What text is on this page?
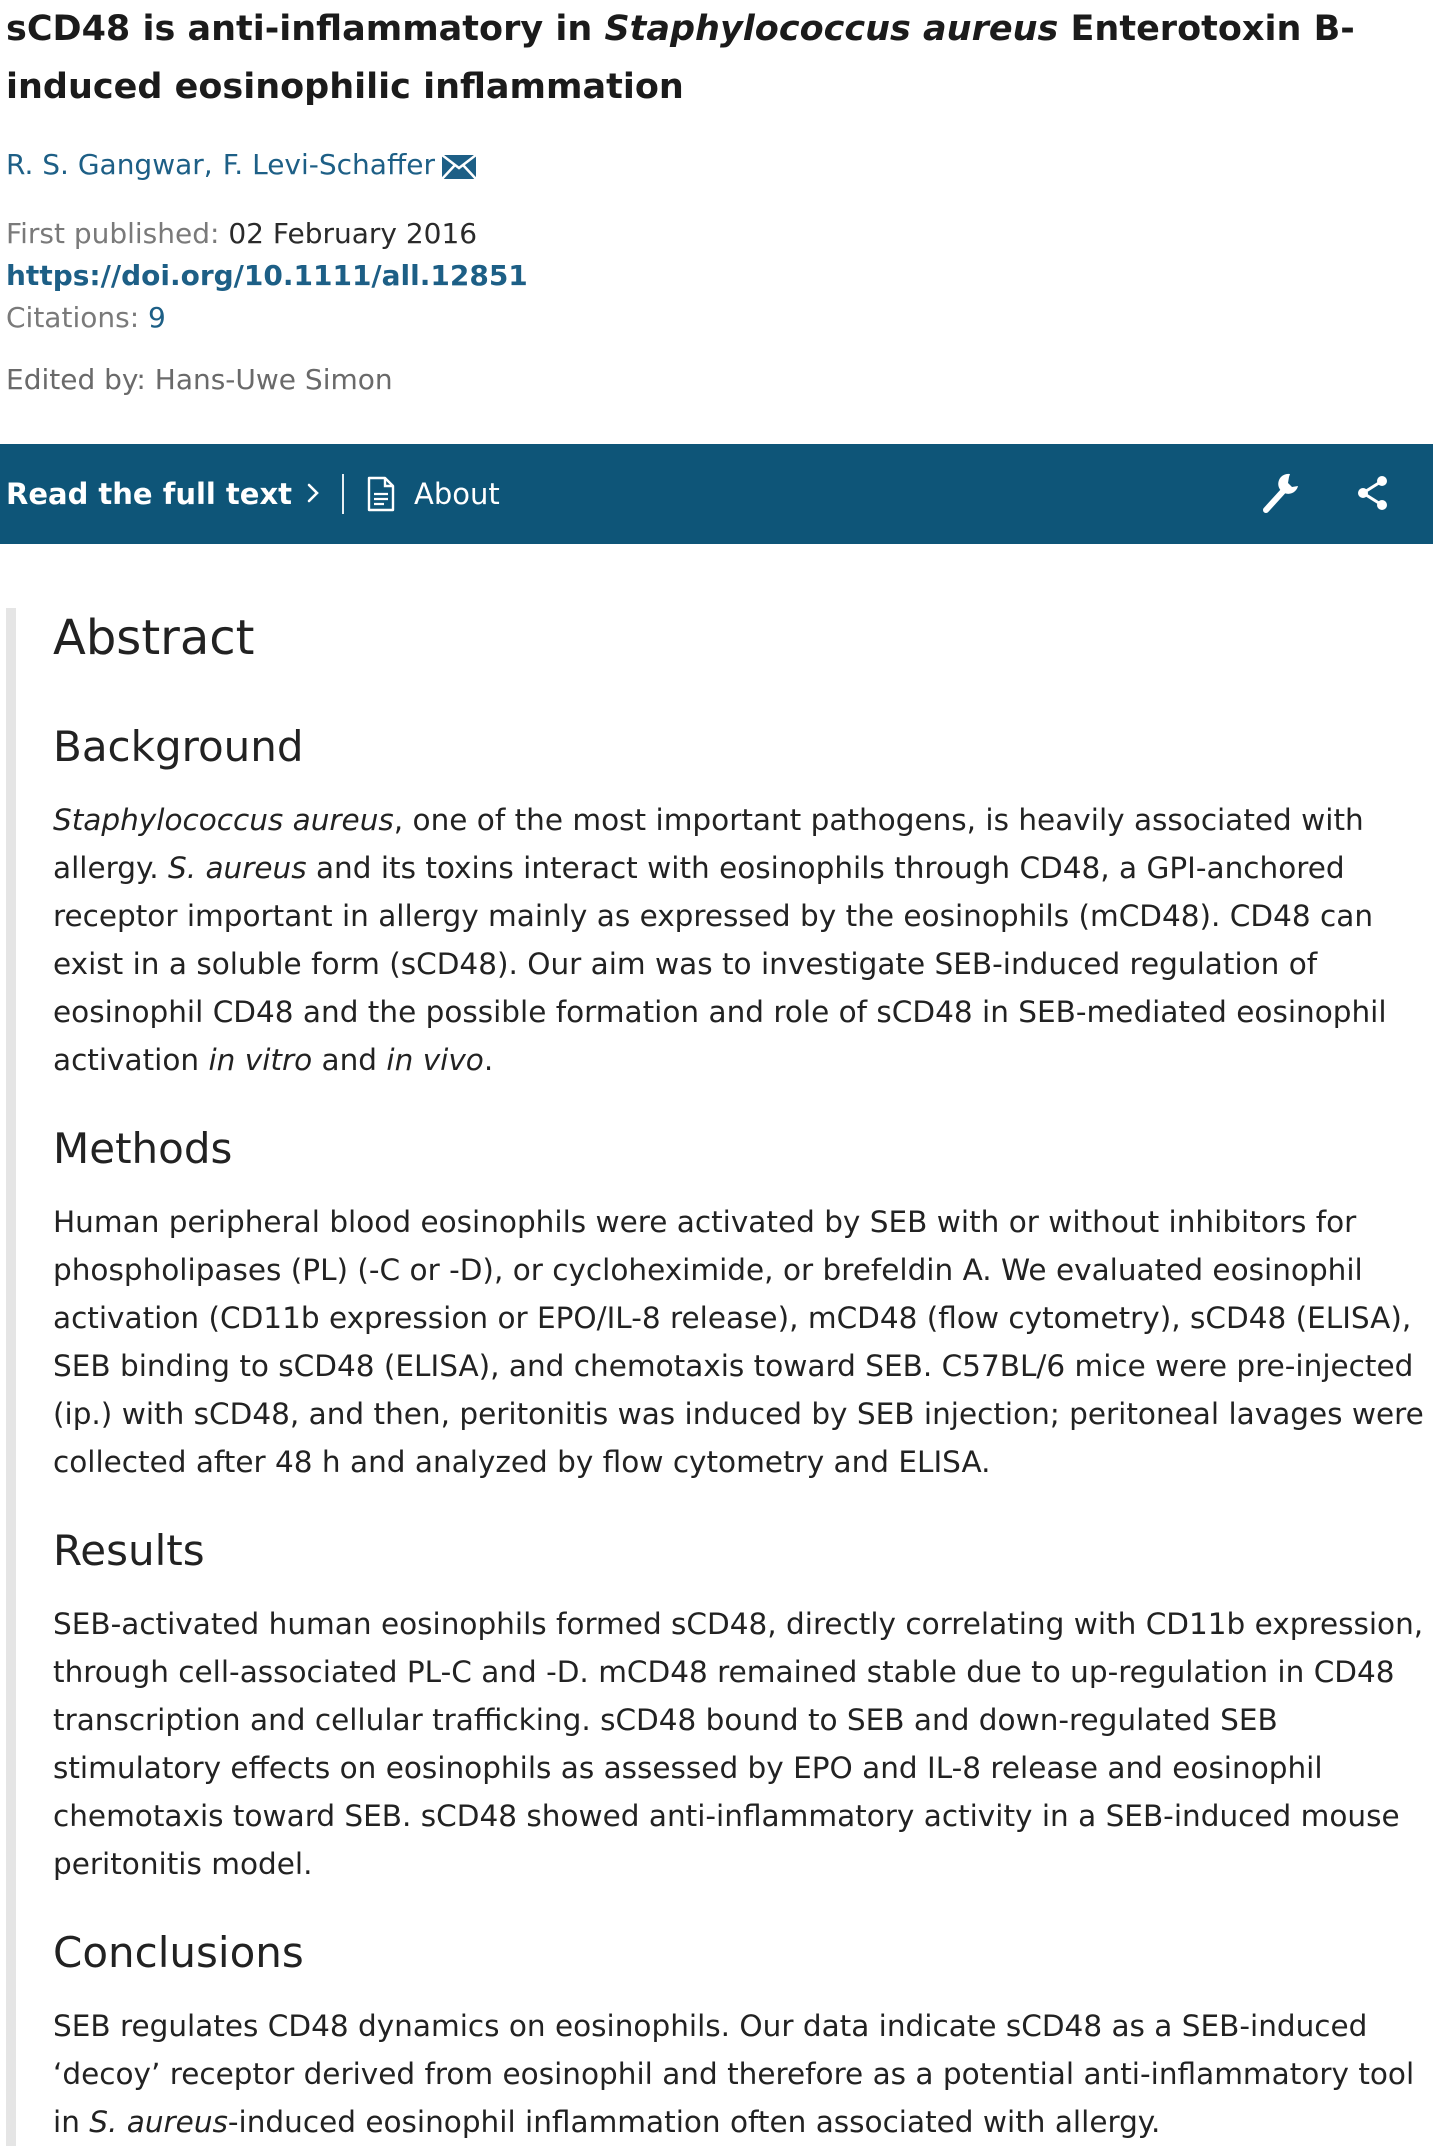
sCD48 is anti-inflammatory in Staphylococcus aureus Enterotoxin B-induced eosinophilic inflammation
R. S. Gangwar , F. Levi-Schaffer
First published: 02 February 2016
https://doi.org/10.1111/all.12851
Citations: 9
Edited by: Hans-Uwe Simon
Read the full text	About
Abstract
Background

Staphylococcus aureus, one of the most important pathogens, is heavily associated with allergy. S. aureus and its toxins interact with eosinophils through CD48, a GPI-anchored receptor important in allergy mainly as expressed by the eosinophils (mCD48). CD48 can exist in a soluble form (sCD48). Our aim was to investigate SEB-induced regulation of eosinophil CD48 and the possible formation and role of sCD48 in SEB-mediated eosinophil activation in vitro and in vivo.

Methods

Human peripheral blood eosinophils were activated by SEB with or without inhibitors for phospholipases (PL) (-C or -D), or cycloheximide, or brefeldin A. We evaluated eosinophil activation (CD11b expression or EPO/IL-8 release), mCD48 (flow cytometry), sCD48 (ELISA), SEB binding to sCD48 (ELISA), and chemotaxis toward SEB. C57BL/6 mice were pre-injected (ip.) with sCD48, and then, peritonitis was induced by SEB injection; peritoneal lavages were collected after 48 h and analyzed by flow cytometry and ELISA.

Results

SEB-activated human eosinophils formed sCD48, directly correlating with CD11b expression, through cell-associated PL-C and -D. mCD48 remained stable due to up-regulation in CD48 transcription and cellular trafficking. sCD48 bound to SEB and down-regulated SEB stimulatory effects on eosinophils as assessed by EPO and IL-8 release and eosinophil chemotaxis toward SEB. sCD48 showed anti-inflammatory activity in a SEB-induced mouse peritonitis model.

Conclusions

SEB regulates CD48 dynamics on eosinophils. Our data indicate sCD48 as a SEB-induced ‘decoy’ receptor derived from eosinophil and therefore as a potential anti-inflammatory tool in S. aureus-induced eosinophil inflammation often associated with allergy.
